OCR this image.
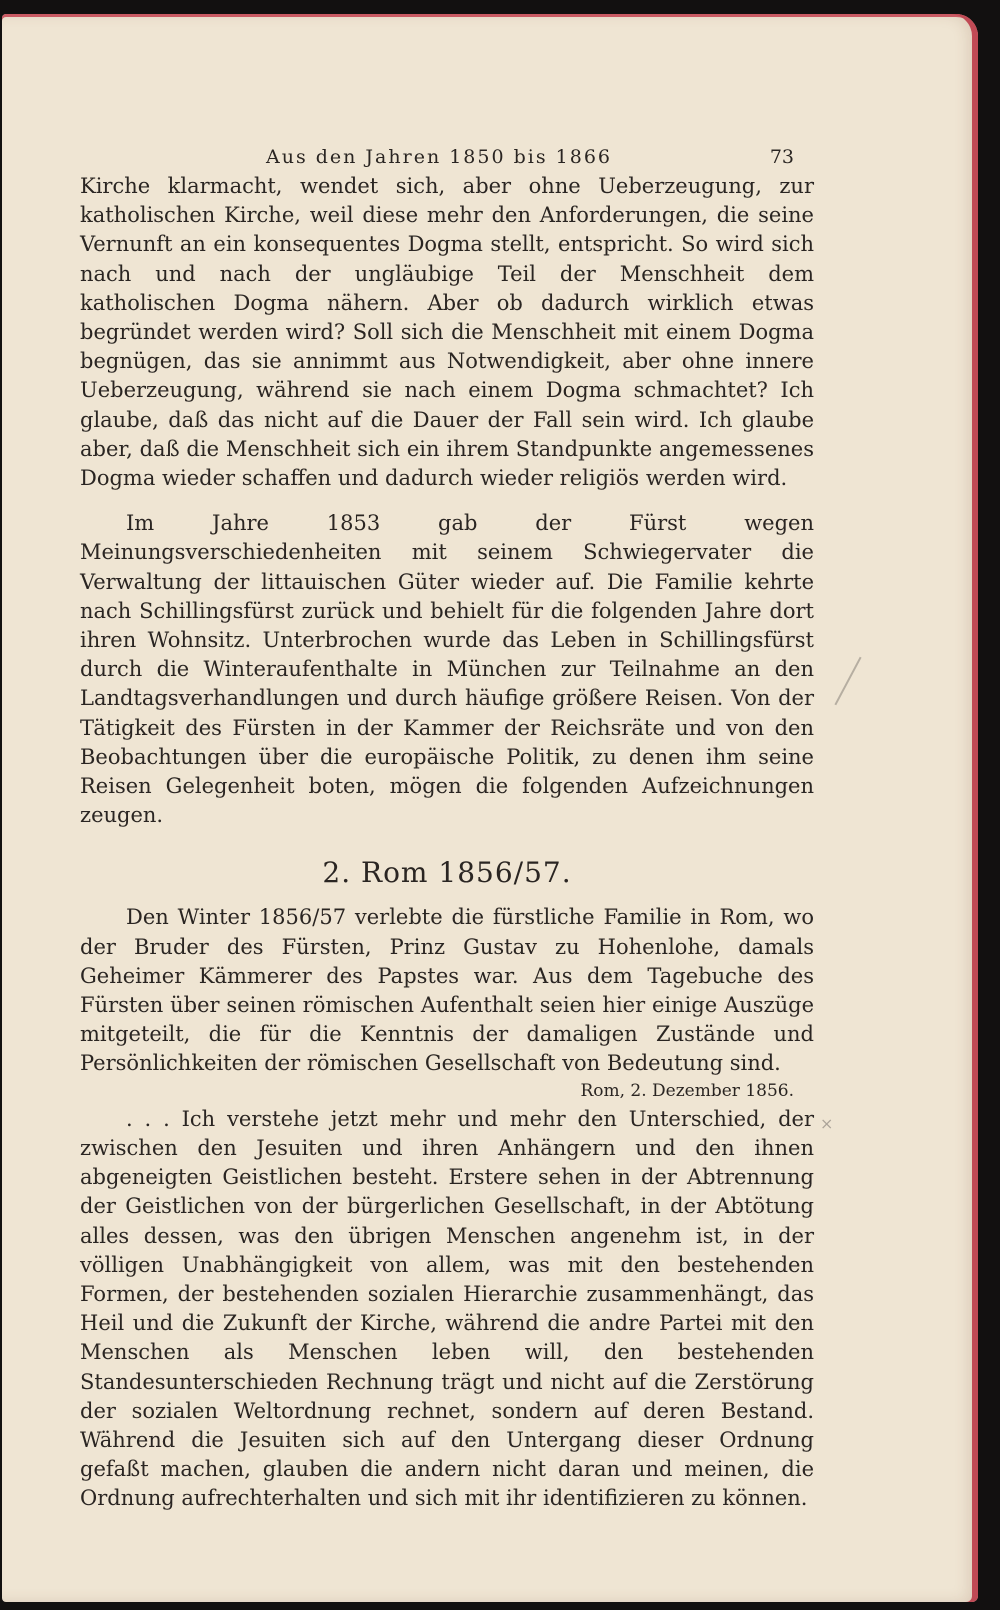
×
Aus den Jahren 1850 bis 1866	73

Kirche klarmacht, wendet sich, aber ohne Ueberzeugung, zur katholischen Kirche, weil diese mehr den Anforderungen, die seine Vernunft an ein konsequentes Dogma stellt, entspricht. So wird sich nach und nach der ungläubige Teil der Menschheit dem katholischen Dogma nähern. Aber ob dadurch wirklich etwas begründet werden wird? Soll sich die Menschheit mit einem Dogma begnügen, das sie annimmt aus Notwendigkeit, aber ohne innere Ueberzeugung, während sie nach einem Dogma schmachtet? Ich glaube, daß das nicht auf die Dauer der Fall sein wird. Ich glaube aber, daß die Menschheit sich ein ihrem Standpunkte angemessenes Dogma wieder schaffen und dadurch wieder religiös werden wird.

Im Jahre 1853 gab der Fürst wegen Meinungsverschiedenheiten mit seinem Schwiegervater die Verwaltung der littauischen Güter wieder auf. Die Familie kehrte nach Schillingsfürst zurück und behielt für die folgenden Jahre dort ihren Wohnsitz. Unterbrochen wurde das Leben in Schillingsfürst durch die Winteraufenthalte in München zur Teilnahme an den Landtagsverhandlungen und durch häufige größere Reisen. Von der Tätigkeit des Fürsten in der Kammer der Reichsräte und von den Beobachtungen über die europäische Politik, zu denen ihm seine Reisen Gelegenheit boten, mögen die folgenden Aufzeichnungen zeugen.

2. Rom 1856/57.

Den Winter 1856/57 verlebte die fürstliche Familie in Rom, wo der Bruder des Fürsten, Prinz Gustav zu Hohenlohe, damals Geheimer Kämmerer des Papstes war. Aus dem Tagebuche des Fürsten über seinen römischen Aufenthalt seien hier einige Auszüge mitgeteilt, die für die Kenntnis der damaligen Zustände und Persönlichkeiten der römischen Gesellschaft von Bedeutung sind.

Rom, 2. Dezember 1856.

. . . Ich verstehe jetzt mehr und mehr den Unterschied, der zwischen den Jesuiten und ihren Anhängern und den ihnen abgeneigten Geistlichen besteht. Erstere sehen in der Abtrennung der Geistlichen von der bürgerlichen Gesellschaft, in der Abtötung alles dessen, was den übrigen Menschen angenehm ist, in der völligen Unabhängigkeit von allem, was mit den bestehenden Formen, der bestehenden sozialen Hierarchie zusammenhängt, das Heil und die Zukunft der Kirche, während die andre Partei mit den Menschen als Menschen leben will, den bestehenden Standesunterschieden Rechnung trägt und nicht auf die Zerstörung der sozialen Weltordnung rechnet, sondern auf deren Bestand. Während die Jesuiten sich auf den Untergang dieser Ordnung gefaßt machen, glauben die andern nicht daran und meinen, die Ordnung aufrechterhalten und sich mit ihr identifizieren zu können.
